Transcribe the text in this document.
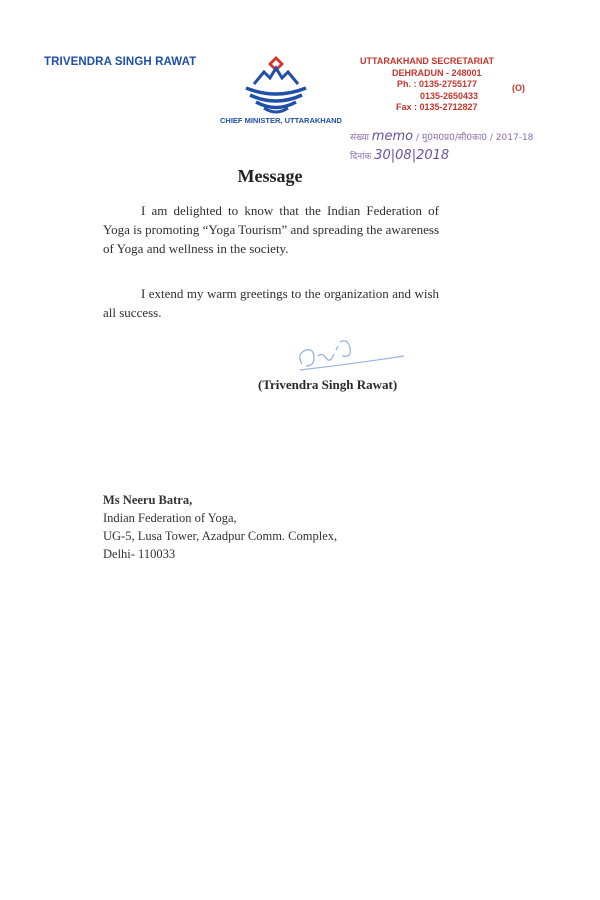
TRIVENDRA SINGH RAWAT
CHIEF MINISTER, UTTARAKHAND
UTTARAKHAND SECRETARIAT
DEHRADUN - 248001
Ph. : 0135-2755177	(O)
0135-2650433
Fax : 0135-2712827
संख्या memo / मु0म0प्र0/सी0का0 / 2017-18
दिनांक 30|08|2018
Message
I am delighted to know that the Indian Federation of Yoga is promoting “Yoga Tourism” and spreading the awareness of Yoga and wellness in the society.
I extend my warm greetings to the organization and wish all success.
(Trivendra Singh Rawat)
Ms Neeru Batra,
Indian Federation of Yoga,
UG-5, Lusa Tower, Azadpur Comm. Complex,
Delhi- 110033
